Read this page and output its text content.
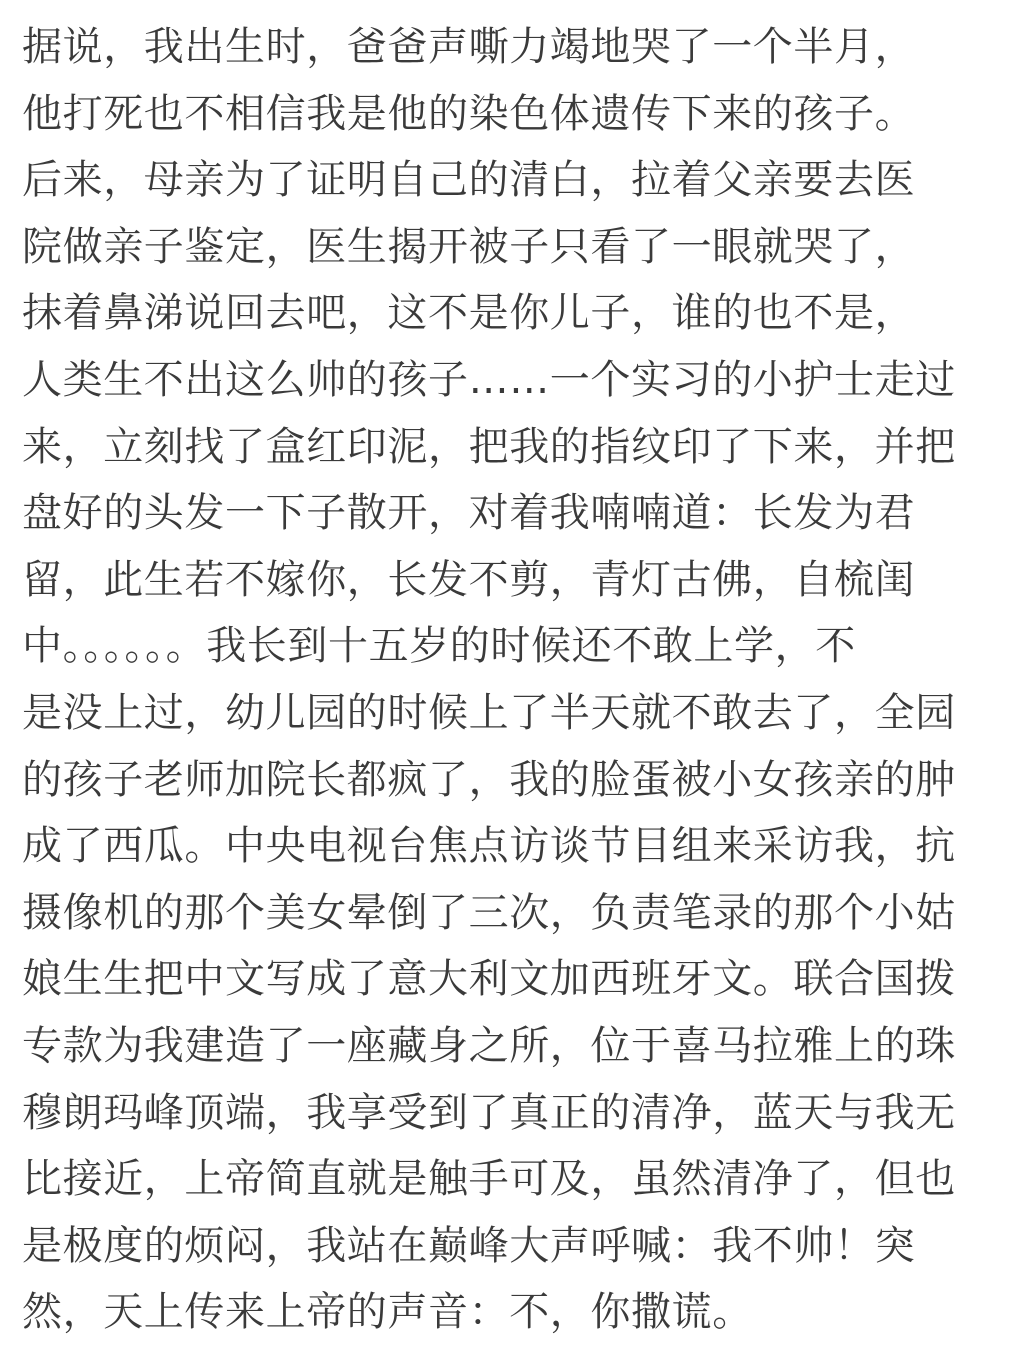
据说，我出生时，爸爸声嘶力竭地哭了一个半月，
他打死也不相信我是他的染色体遗传下来的孩子。
后来，母亲为了证明自己的清白，拉着父亲要去医
院做亲子鉴定，医生揭开被子只看了一眼就哭了，
抹着鼻涕说回去吧，这不是你儿子，谁的也不是，
人类生不出这么帅的孩子……一个实习的小护士走过
来，立刻找了盒红印泥，把我的指纹印了下来，并把
盘好的头发一下子散开，对着我喃喃道：长发为君
留，此生若不嫁你，长发不剪，青灯古佛，自梳闺
中。。。。。。我长到十五岁的时候还不敢上学，不
是没上过，幼儿园的时候上了半天就不敢去了，全园
的孩子老师加院长都疯了，我的脸蛋被小女孩亲的肿
成了西瓜。中央电视台焦点访谈节目组来采访我，抗
摄像机的那个美女晕倒了三次，负责笔录的那个小姑
娘生生把中文写成了意大利文加西班牙文。联合国拨
专款为我建造了一座藏身之所，位于喜马拉雅上的珠
穆朗玛峰顶端，我享受到了真正的清净，蓝天与我无
比接近，上帝简直就是触手可及，虽然清净了，但也
是极度的烦闷，我站在巅峰大声呼喊：我不帅！突
然，天上传来上帝的声音：不，你撒谎。
